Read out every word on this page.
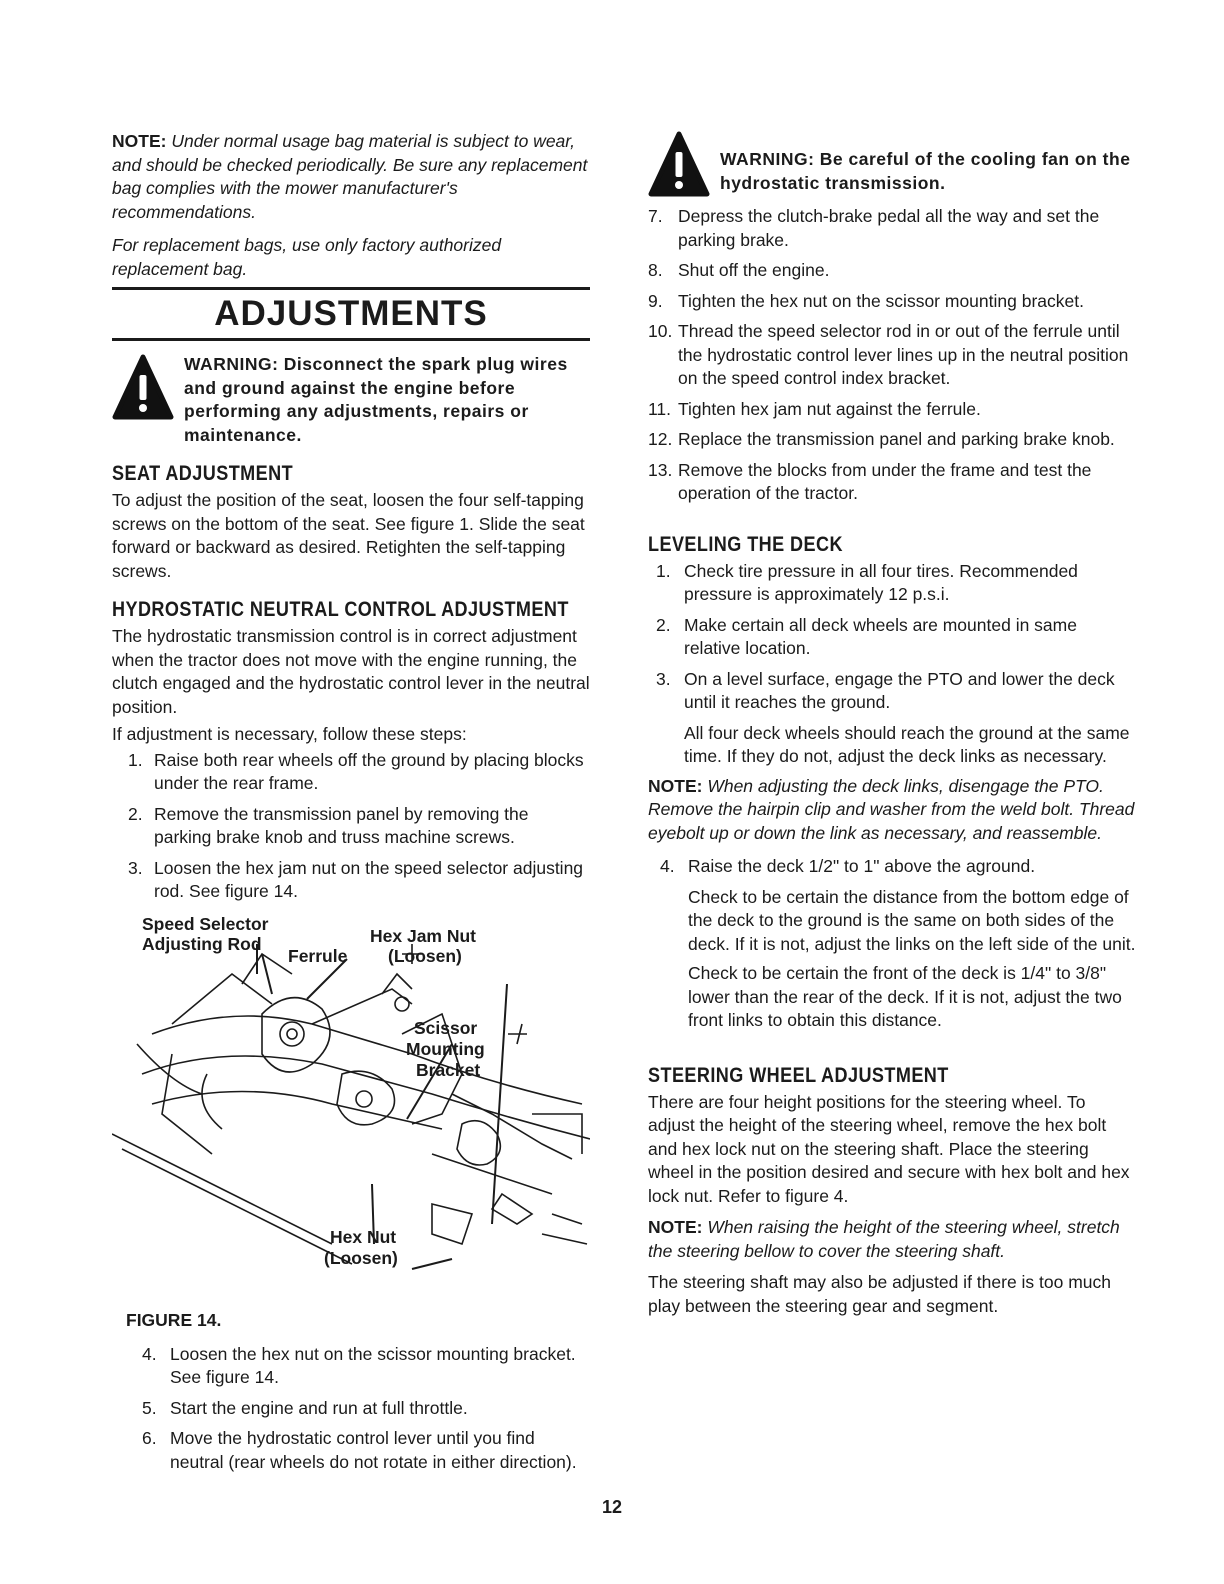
NOTE: Under normal usage bag material is subject to wear, and should be checked periodically. Be sure any replacement bag complies with the mower manufacturer's recommendations.

For replacement bags, use only factory authorized replacement bag.

ADJUSTMENTS
WARNING: Disconnect the spark plug wires and ground against the engine before performing any adjustments, repairs or maintenance.
SEAT ADJUSTMENT

To adjust the position of the seat, loosen the four self-tapping screws on the bottom of the seat. See figure 1. Slide the seat forward or backward as desired. Retighten the self-tapping screws.

HYDROSTATIC NEUTRAL CONTROL ADJUSTMENT

The hydrostatic transmission control is in correct adjustment when the tractor does not move with the engine running, the clutch engaged and the hydrostatic control lever in the neutral position.

If adjustment is necessary, follow these steps:

1. Raise both rear wheels off the ground by placing blocks under the rear frame.
2. Remove the transmission panel by removing the parking brake knob and truss machine screws.
3. Loosen the hex jam nut on the speed selector adjusting rod. See figure 14.
Speed Selector
Adjusting Rod
Ferrule
Hex Jam Nut
(Loosen)
Scissor
Mounting
Bracket
Hex Nut
(Loosen)
FIGURE 14.
4. Loosen the hex nut on the scissor mounting bracket. See figure 14.
5. Start the engine and run at full throttle.
6. Move the hydrostatic control lever until you find neutral (rear wheels do not rotate in either direction).
WARNING: Be careful of the cooling fan on the hydrostatic transmission.
7. Depress the clutch-brake pedal all the way and set the parking brake.
8. Shut off the engine.
9. Tighten the hex nut on the scissor mounting bracket.
10. Thread the speed selector rod in or out of the ferrule until the hydrostatic control lever lines up in the neutral position on the speed control index bracket.
11. Tighten hex jam nut against the ferrule.
12. Replace the transmission panel and parking brake knob.
13. Remove the blocks from under the frame and test the operation of the tractor.
LEVELING THE DECK
1. Check tire pressure in all four tires. Recommended pressure is approximately 12 p.s.i.
2. Make certain all deck wheels are mounted in same relative location.
3. On a level surface, engage the PTO and lower the deck until it reaches the ground.

All four deck wheels should reach the ground at the same time. If they do not, adjust the deck links as necessary.

NOTE: When adjusting the deck links, disengage the PTO. Remove the hairpin clip and washer from the weld bolt. Thread eyebolt up or down the link as necessary, and reassemble.

4. Raise the deck 1/2" to 1" above the aground.

Check to be certain the distance from the bottom edge of the deck to the ground is the same on both sides of the deck. If it is not, adjust the links on the left side of the unit.

Check to be certain the front of the deck is 1/4" to 3/8" lower than the rear of the deck. If it is not, adjust the two front links to obtain this distance.

STEERING WHEEL ADJUSTMENT

There are four height positions for the steering wheel. To adjust the height of the steering wheel, remove the hex bolt and hex lock nut on the steering shaft. Place the steering wheel in the position desired and secure with hex bolt and hex lock nut. Refer to figure 4.

NOTE: When raising the height of the steering wheel, stretch the steering bellow to cover the steering shaft.

The steering shaft may also be adjusted if there is too much play between the steering gear and segment.

12
